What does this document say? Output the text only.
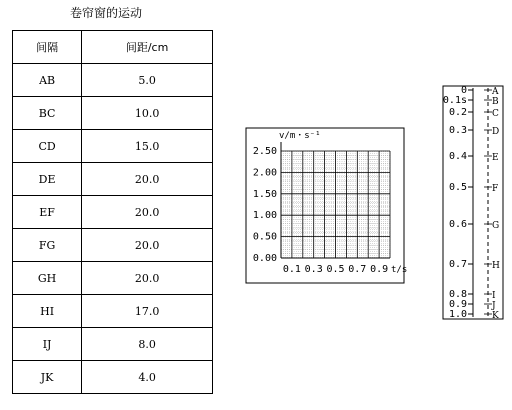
卷帘窗的运动
间隔	间距/cm
AB	5.0
BC	10.0
CD	15.0
DE	20.0
EF	20.0
FG	20.0
GH	20.0
HI	17.0
IJ	8.0
JK	4.0
v/m・s⁻¹
t/s
0.00
0.50
1.00
1.50
2.00
2.50
0.1 0.3 0.5 0.7 0.9
0
0.1s
0.2
0.3
0.4
0.5
0.6
0.7
0.8
0.9
1.0
A
B
C
D
E
F
G
H
I
J
K
